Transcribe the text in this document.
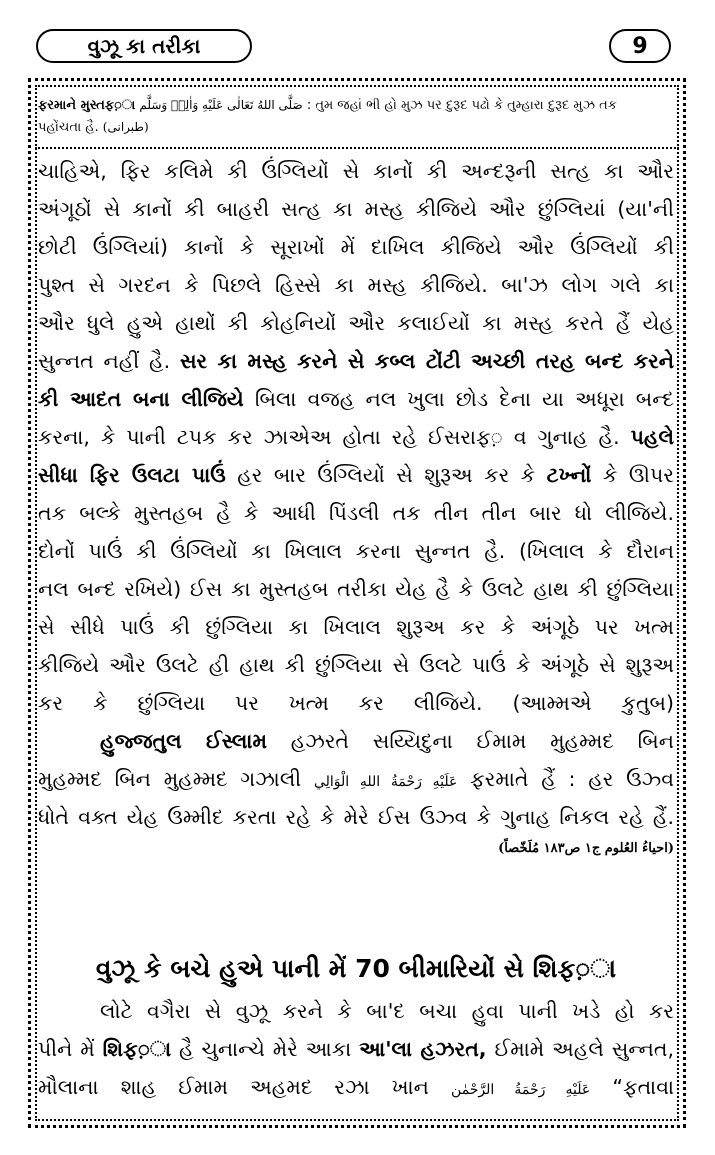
વુઝૂ કા તરીકા	9
ફરમાને મુસ્તફ़ા صَلَّى اللهُ تَعَالٰى عَلَيْهِ وَاٰلِهٖ وَسَلَّم : તુમ જહાં ભી હો મુઝ પર દુરૂદ પઢો કે તુમ્હારા દુરૂદ મુઝ તક
પહોંચતા હૈ. (طبرانی)
ચાહિએ, ફિર કલિમે કી ઉંગ્લિયોં સે કાનોં કી અન્દરૂની સત્હ કા ઔર
અંગૂઠોં સે કાનોં કી બાહરી સત્હ કા મસ્હ કીજિયે ઔર છુંગ્લિયાં (યા'ની
છોટી ઉંગ્લિયાં) કાનોં કે સૂરાખોં મેં દાખિલ કીજિયે ઔર ઉંગ્લિયોં કી
પુશ્ત સે ગરદન કે પિછલે હિસ્સે કા મસ્હ કીજિયે. બા'ઝ લોગ ગલે કા
ઔર ધુલે હુએ હાથોં કી કોહનિયોં ઔર કલાઈયોં કા મસ્હ કરતે હૈં યેહ
સુન્નત નહીં હૈ. સર કા મસ્હ કરને સે કબ્લ ટોંટી અચ્છી તરહ બન્દ કરને
કી આદત બના લીજિયે બિલા વજહ નલ ખુલા છોડ દેના યા અધૂરા બન્દ
કરના, કે પાની ટપક કર ઝાએઅ હોતા રહે ઈસરાફ़ વ ગુનાહ હૈ. પહલે
સીધા ફિર ઉલટા પાઉં હર બાર ઉંગ્લિયોં સે શુરૂઅ કર કે ટખ્નોં કે ઊપર
તક બલ્કે મુસ્તહબ હૈ કે આધી પિંડલી તક તીન તીન બાર ધો લીજિયે.
દોનોં પાઉં કી ઉંગ્લિયોં કા ખિલાલ કરના સુન્નત હૈ. (ખિલાલ કે દૌરાન
નલ બન્દ રખિયે) ઈસ કા મુસ્તહબ તરીકા યેહ હૈ કે ઉલટે હાથ કી છુંગ્લિયા
સે સીધે પાઉં કી છુંગ્લિયા કા ખિલાલ શુરૂઅ કર કે અંગૂઠે પર ખત્મ
કીજિયે ઔર ઉલટે હી હાથ કી છુંગ્લિયા સે ઉલટે પાઉં કે અંગૂઠે સે શુરૂઅ
કર કે છુંગ્લિયા પર ખત્મ કર લીજિયે. (આમ્મએ કુતુબ)
હુજ્જતુલ ઈસ્લામ હઝરતે સય્યિદુના ઈમામ મુહમ્મદ બિન
મુહમ્મદ બિન મુહમ્મદ ગઝાલી عَلَيْهِ رَحْمَةُ اللهِ الْوَالِي ફરમાતે હૈં : હર ઉઝ્વ
ધોતે વક્ત યેહ ઉમ્મીદ કરતા રહે કે મેરે ઈસ ઉઝ્વ કે ગુનાહ નિકલ રહે હૈં.
(احیاءُ العُلوم ج١ ص١٨٣ مُلَخّصاً)
વુઝૂ કે બચે હુએ પાની મેં 70 બીમારિયોં સે શિફ़ા
લોટે વગૈરા સે વુઝૂ કરને કે બા'દ બચા હુવા પાની ખડે હો કર
પીને મેં શિફ़ા હૈ ચુનાન્ચે મેરે આકા આ'લા હઝરત, ઈમામે અહલે સુન્નત,
મૌલાના શાહ ઈમામ અહમદ રઝા ખાન عَلَيْهِ رَحْمَةُ الرَّحْمٰن “ફતાવા
